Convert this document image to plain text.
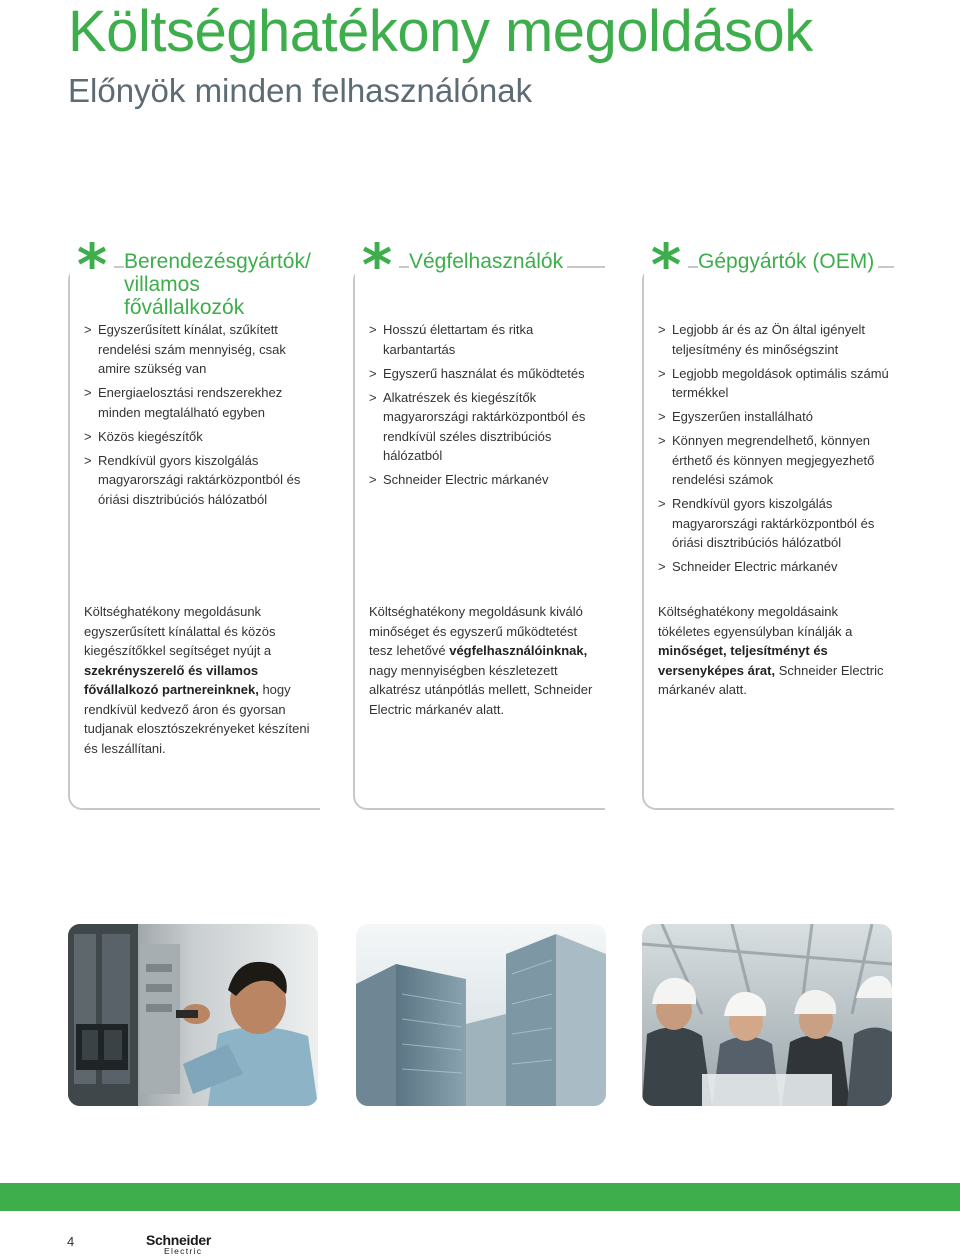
Költséghatékony megoldások
Előnyök minden felhasználónak
* Berendezésgyártók/
villamos fővállalkozók
> Egyszerűsített kínálat, szűkített rendelési szám mennyiség, csak amire szükség van
> Energiaelosztási rendszerekhez minden megtalálható egyben
> Közös kiegészítők
> Rendkívül gyors kiszolgálás magyarországi raktárközpontból és óriási disztribúciós hálózatból

Költséghatékony megoldásunk egyszerűsített kínálattal és közös kiegészítőkkel segítséget nyújt a szekrényszerelő és villamos fővállalkozó partnereinknek, hogy rendkívül kedvező áron és gyorsan tudjanak elosztószekrényeket készíteni és leszállítani.

* Végfelhasználók
> Hosszú élettartam és ritka karbantartás
> Egyszerű használat és működtetés
> Alkatrészek és kiegészítők magyarországi raktárközpontból és rendkívül széles disztribúciós hálózatból
> Schneider Electric márkanév

Költséghatékony megoldásunk kiváló minőséget és egyszerű működtetést tesz lehetővé végfelhasználóinknak, nagy mennyiségben készletezett alkatrész utánpótlás mellett, Schneider Electric márkanév alatt.

* Gépgyártók (OEM)
> Legjobb ár és az Ön által igényelt teljesítmény és minőségszint
> Legjobb megoldások optimális számú termékkel
> Egyszerűen installálható
> Könnyen megrendelhető, könnyen érthető és könnyen megjegyezhető rendelési számok
> Rendkívül gyors kiszolgálás magyarországi raktárközpontból és óriási disztribúciós hálózatból
> Schneider Electric márkanév

Költséghatékony megoldásaink tökéletes egyensúlyban kínálják a minőséget, teljesítményt és versenyképes árat, Schneider Electric márkanév alatt.

4	Schneider
Electric
